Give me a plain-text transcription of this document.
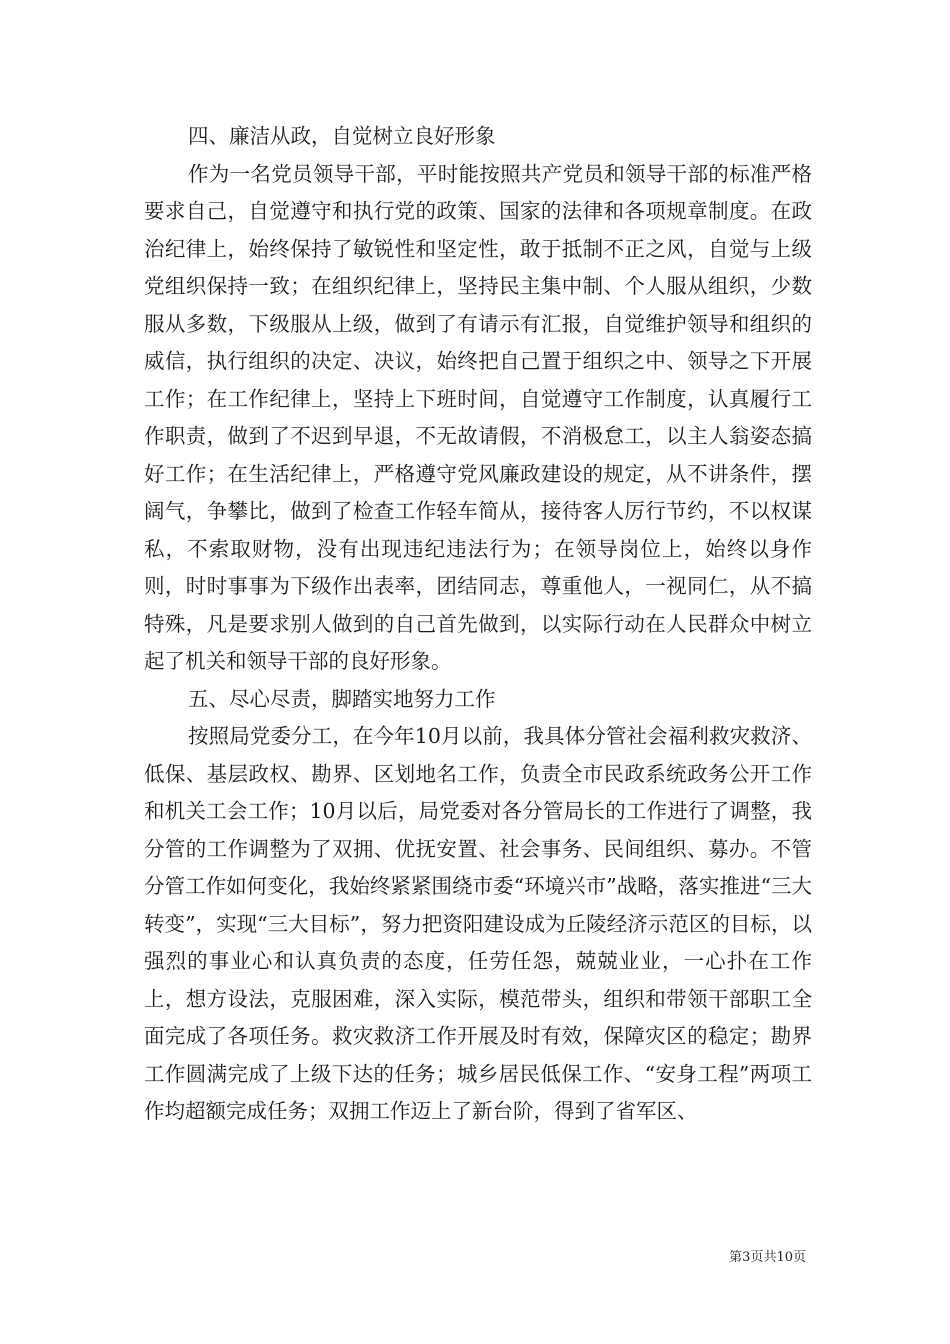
四、廉洁从政，自觉树立良好形象

作为一名党员领导干部，平时能按照共产党员和领导干部的标准严格要求自己，自觉遵守和执行党的政策、国家的法律和各项规章制度。在政治纪律上，始终保持了敏锐性和坚定性，敢于抵制不正之风，自觉与上级党组织保持一致；在组织纪律上，坚持民主集中制、个人服从组织，少数服从多数，下级服从上级，做到了有请示有汇报，自觉维护领导和组织的威信，执行组织的决定、决议，始终把自己置于组织之中、领导之下开展工作；在工作纪律上，坚持上下班时间，自觉遵守工作制度，认真履行工作职责，做到了不迟到早退，不无故请假，不消极怠工，以主人翁姿态搞好工作；在生活纪律上，严格遵守党风廉政建设的规定，从不讲条件，摆阔气，争攀比，做到了检查工作轻车简从，接待客人厉行节约，不以权谋私，不索取财物，没有出现违纪违法行为；在领导岗位上，始终以身作则，时时事事为下级作出表率，团结同志，尊重他人，一视同仁，从不搞特殊，凡是要求别人做到的自己首先做到，以实际行动在人民群众中树立起了机关和领导干部的良好形象。

五、尽心尽责，脚踏实地努力工作

按照局党委分工，在今年10月以前，我具体分管社会福利救灾救济、低保、基层政权、勘界、区划地名工作，负责全市民政系统政务公开工作和机关工会工作；10月以后，局党委对各分管局长的工作进行了调整，我分管的工作调整为了双拥、优抚安置、社会事务、民间组织、募办。不管分管工作如何变化，我始终紧紧围绕市委“环境兴市”战略，落实推进“三大转变”，实现“三大目标”，努力把资阳建设成为丘陵经济示范区的目标，以强烈的事业心和认真负责的态度，任劳任怨，兢兢业业，一心扑在工作上，想方设法，克服困难，深入实际，模范带头，组织和带领干部职工全面完成了各项任务。救灾救济工作开展及时有效，保障灾区的稳定；勘界工作圆满完成了上级下达的任务；城乡居民低保工作、“安身工程”两项工作均超额完成任务；双拥工作迈上了新台阶，得到了省军区、

第3页共10页
